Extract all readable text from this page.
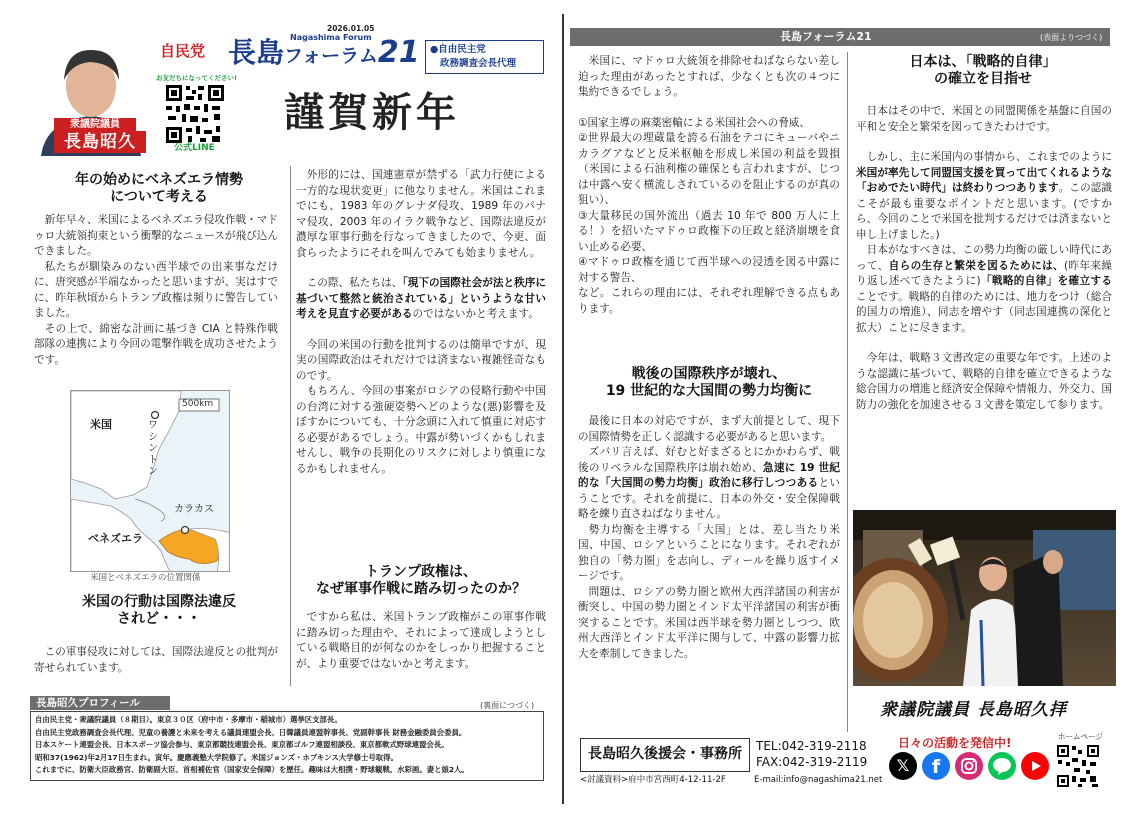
衆議院議員
長島昭久
自民党 長島フォーラム21
Nagashima Forum
2026.01.05
●自由民主党
政務調査会長代理
お友だちになってください!
公式LINE
謹賀新年
年の始めにベネズエラ情勢
について考える

新年早々、米国によるベネズエラ侵攻作戦・マドゥロ大統領拘束という衝撃的なニュースが飛び込んできました。

私たちが馴染みのない西半球での出来事なだけに、唐突感が半端なかったと思いますが、実はすでに、昨年秋頃からトランプ政権は頻りに警告していました。

その上で、綿密な計画に基づき CIA と特殊作戦部隊の連携により今回の電撃作戦を成功させたようです。

500km
米国	ワシントン
カラカス
ベネズエラ
米国とベネズエラの位置関係
米国の行動は国際法違反
されど・・・

この軍事侵攻に対しては、国際法違反との批判が寄せられています。

外形的には、国連憲章が禁ずる「武力行使による一方的な現状変更」に他なりません。米国はこれまでにも、1983 年のグレナダ侵攻、1989 年のパナマ侵攻、2003 年のイラク戦争など、国際法違反が濃厚な軍事行動を行なってきましたので、今更、面食らったようにそれを叫んでみても始まりません。

この際、私たちは、「現下の国際社会が法と秩序に基づいて整然と統治されている」というような甘い考えを見直す必要があるのではないかと考えます。

今回の米国の行動を批判するのは簡単ですが、現実の国際政治はそれだけでは済まない複雑怪奇なものです。

もちろん、今回の事案がロシアの侵略行動や中国の台湾に対する強硬姿勢へどのような(悪)影響を及ぼすかについても、十分念頭に入れて慎重に対応する必要があるでしょう。中露が勢いづくかもしれませんし、戦争の長期化のリスクに対しより慎重になるかもしれません。

トランプ政権は、
なぜ軍事作戦に踏み切ったのか？

ですから私は、米国トランプ政権がこの軍事作戦に踏み切った理由や、それによって達成しようとしている戦略目的が何なのかをしっかり把握することが、より重要ではないかと考えます。

長島昭久プロフィール	(裏面につづく)
自由民主党・衆議院議員（８期目）。東京３０区（府中市・多摩市・稲城市）選挙区支部長。
自由民主党政務調査会長代理、児童の養護と未来を考える議員連盟会長、日韓議員連盟幹事長、党副幹事長 財務金融委員会委員。
日本スケート連盟会長、日本スポーツ協会参与、東京都競技連盟会長、東京都ゴルフ連盟相談役、東京都軟式野球連盟会長。
昭和37(1962)年2月17日生まれ。寅年。慶應義塾大学院修了。米国ジョンズ・ホプキンス大学修士号取得。
これまでに、防衛大臣政務官、防衛副大臣、首相補佐官（国家安全保障）を歴任。趣味は大相撲・野球観戦、水彩画。妻と娘2人。
長島フォーラム21	(表面よりつづく)

米国に、マドゥロ大統領を排除せねばならない差し迫った理由があったとすれば、少なくとも次の４つに集約できるでしょう。

①国家主導の麻薬密輸による米国社会への脅威、

②世界最大の埋蔵量を誇る石油をテコにキューバやニカラグアなどと反米枢軸を形成し米国の利益を毀損（米国による石油利権の確保とも言われますが、じつは中露へ安く横流しされているのを阻止するのが真の狙い）、

③大量移民の国外流出（過去 10 年で 800 万人に上る！）を招いたマドゥロ政権下の圧政と経済崩壊を食い止める必要、

④マドゥロ政権を通じて西半球への浸透を図る中露に対する警告、

など。これらの理由には、それぞれ理解できる点もあります。

戦後の国際秩序が壊れ、
19 世紀的な大国間の勢力均衡に

最後に日本の対応ですが、まず大前提として、現下の国際情勢を正しく認識する必要があると思います。

ズバリ言えば、好むと好まざるとにかかわらず、戦後のリベラルな国際秩序は崩れ始め、急速に 19 世紀的な「大国間の勢力均衡」政治に移行しつつあるということです。それを前提に、日本の外交・安全保障戦略を練り直さねばなりません。

勢力均衡を主導する「大国」とは、差し当たり米国、中国、ロシアということになります。それぞれが独自の「勢力圏」を志向し、ディールを繰り返すイメージです。

問題は、ロシアの勢力圏と欧州大西洋諸国の利害が衝突し、中国の勢力圏とインド太平洋諸国の利害が衝突することです。米国は西半球を勢力圏としつつ、欧州大西洋とインド太平洋に関与して、中露の影響力拡大を牽制してきました。

日本は、「戦略的自律」
の確立を目指せ

日本はその中で、米国との同盟関係を基盤に自国の平和と安全と繁栄を図ってきたわけです。

しかし、主に米国内の事情から、これまでのように米国が率先して同盟国支援を買って出てくれるような「おめでたい時代」は終わりつつあります。この認識こそが最も重要なポイントだと思います。(ですから、今回のことで米国を批判するだけでは済まないと申し上げました。)

日本がなすべきは、この勢力均衡の厳しい時代にあって、自らの生存と繁栄を図るためには、(昨年来繰り返し述べてきたように)「戦略的自律」を確立することです。戦略的自律のためには、地力をつけ（総合的国力の増進）、同志を増やす（同志国連携の深化と拡大）ことに尽きます。

今年は、戦略３文書改定の重要な年です。上述のような認識に基づいて、戦略的自律を確立できるような総合国力の増進と経済安全保障や情報力、外交力、国防力の強化を加速させる３文書を策定して参ります。

衆議院議員 長島昭久拝
長島昭久後援会・事務所	TEL:042-319-2118
FAX:042-319-2119
<討議資料>府中市宮西町4-12-11-2F	E-mail:info@nagashima21.net
日々の活動を発信中!	ホームページ
𝕏	f
